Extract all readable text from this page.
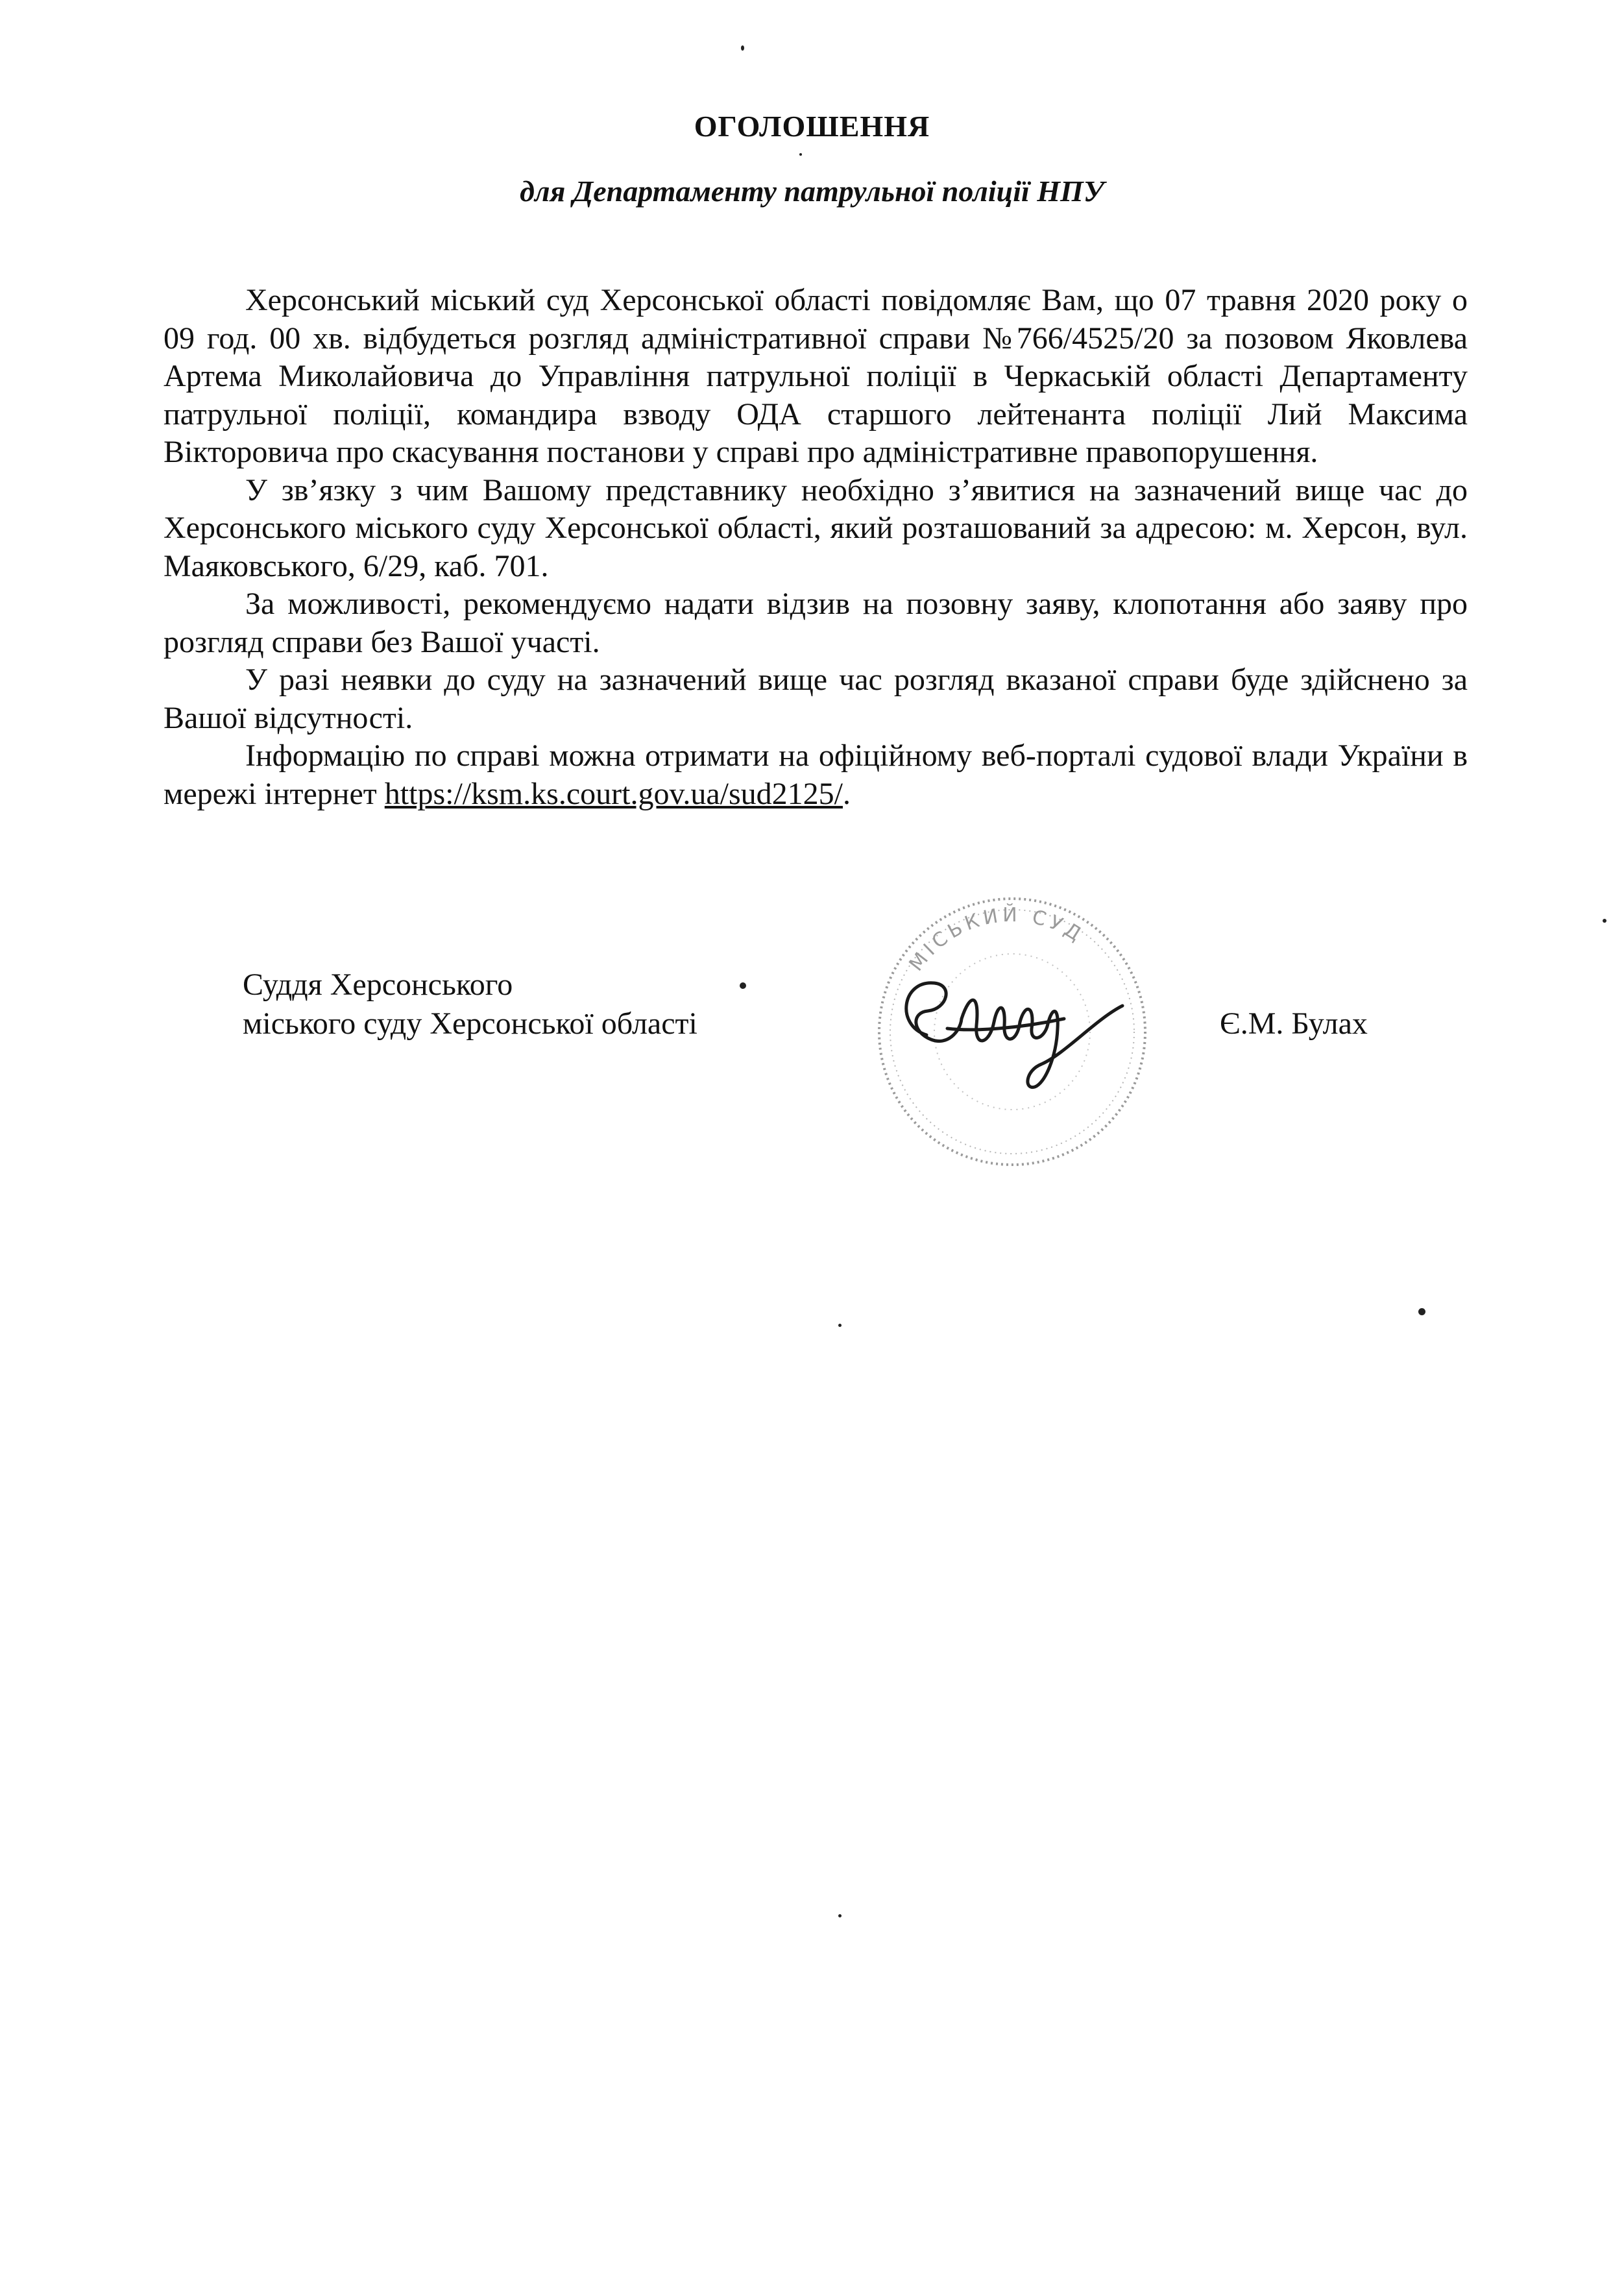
ОГОЛОШЕННЯ
для Департаменту патрульної поліції НПУ

Херсонський міський суд Херсонської області повідомляє Вам, що 07 травня 2020 року о 09 год. 00 хв. відбудеться розгляд адміністративної справи №766/4525/20 за позовом Яковлева Артема Миколайовича до Управління патрульної поліції в Черкаській області Департаменту патрульної поліції, командира взводу ОДА старшого лейтенанта поліції Лий Максима Вікторовича про скасування постанови у справі про адміністративне правопорушення.

У зв’язку з чим Вашому представнику необхідно з’явитися на зазначений вище час до Херсонського міського суду Херсонської області, який розташований за адресою: м. Херсон, вул. Маяковського, 6/29, каб. 701.

За можливості, рекомендуємо надати відзив на позовну заяву, клопотання або заяву про розгляд справи без Вашої участі.

У разі неявки до суду на зазначений вище час розгляд вказаної справи буде здійснено за Вашої відсутності.

Інформацію по справі можна отримати на офіційному веб-порталі судової влади України в мережі інтернет https://ksm.ks.court.gov.ua/sud2125/.

Суддя Херсонського
міського суду Херсонської області
МІСЬКИЙ СУД
Є.М. Булах
